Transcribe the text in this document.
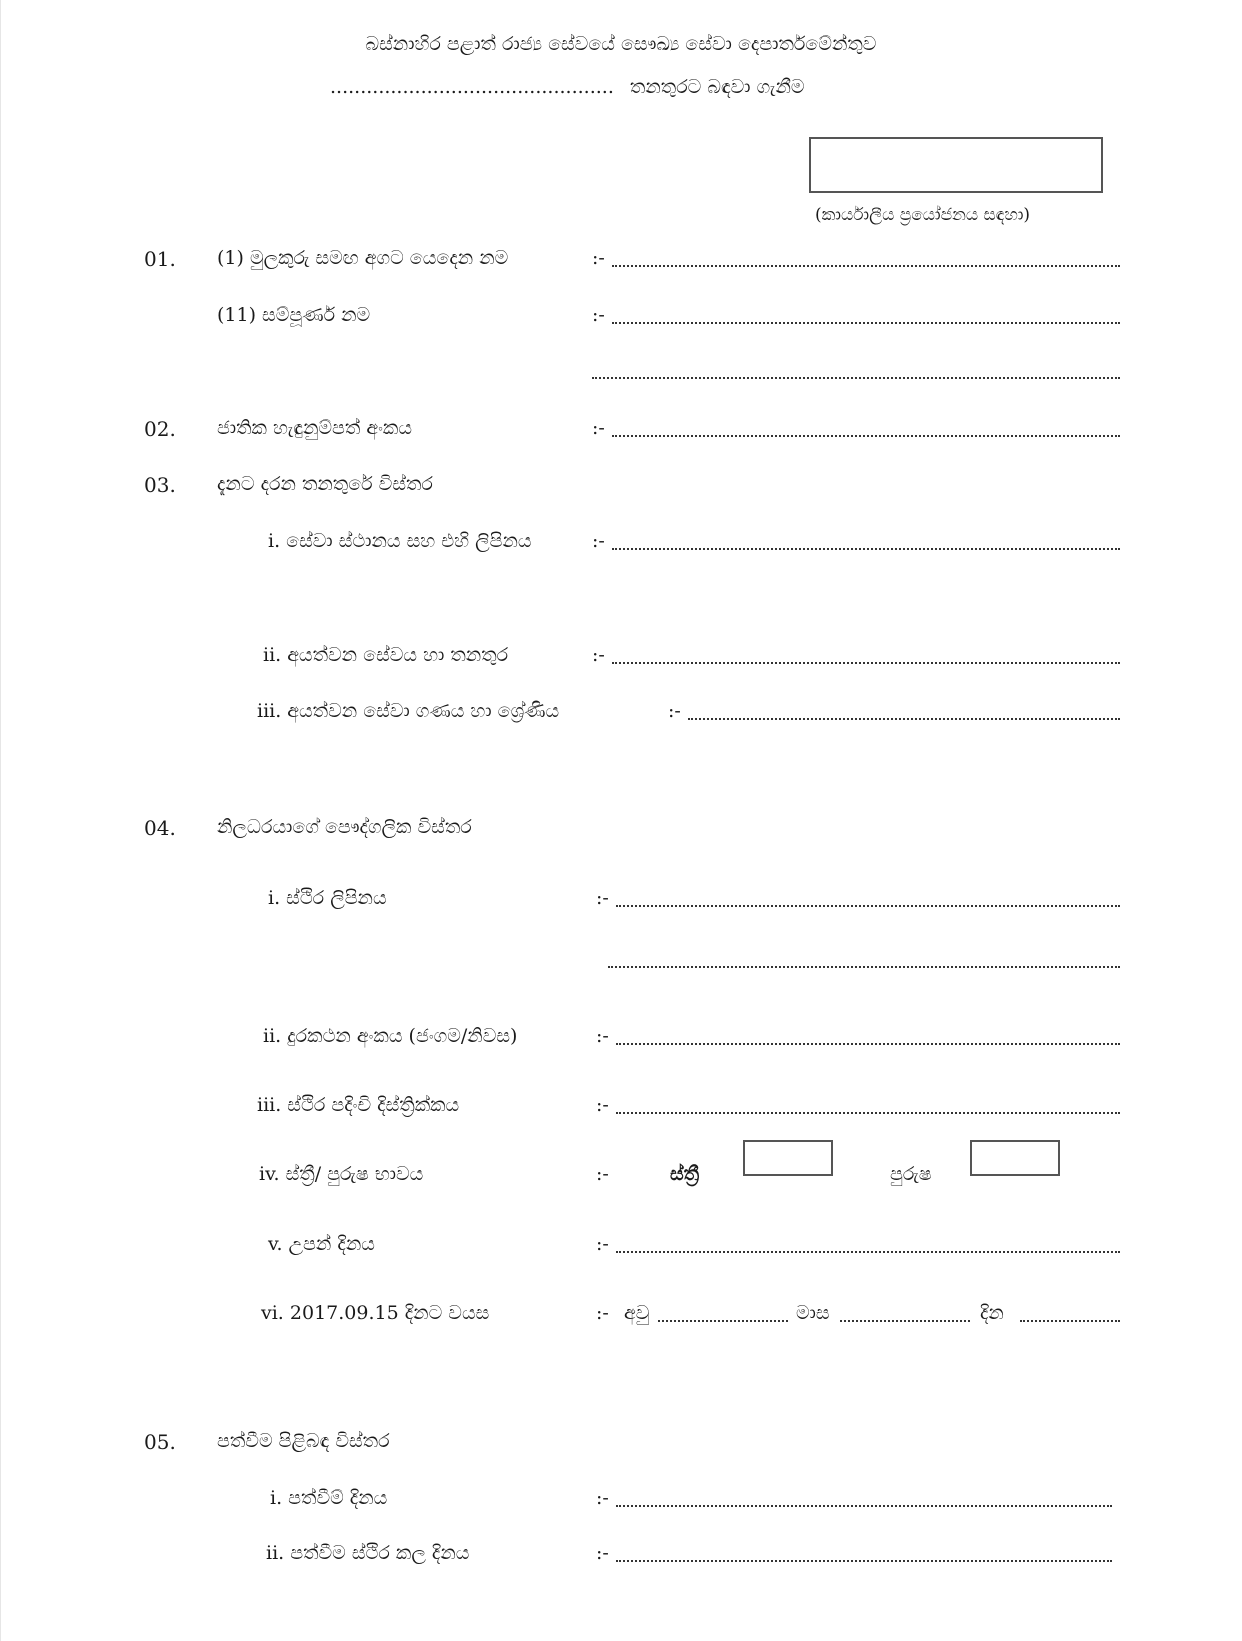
බස්නාහිර පළාත් රාජ්‍ය සේවයේ සෞඛ්‍ය සේවා දෙපාර්තමේන්තුව
............................................... තනතුරට බඳවා ගැනීම
(කාර්යාලීය ප්‍රයෝජනය සඳහා)
01. (1) මුලකුරු සමඟ අගට යෙදෙන නම	:-
(11) සම්පූර්ණ නම	:-
02. ජාතික හැඳුනුම්පත් අංකය	:-
03. දැනට දරන තනතුරේ විස්තර
i. සේවා ස්ථානය සහ එහි ලිපිනය	:-
ii. අයත්වන සේවය හා තනතුර	:-
iii. අයත්වන සේවා ගණය හා ශ්‍රේණිය	:-
04. නිලධරයාගේ පෞද්ගලික විස්තර
i. ස්ථිර ලිපිනය	:-
ii. දුරකථන අංකය (ජංගම/නිවස)	:-
iii. ස්ථිර පදිංචි දිස්ත්‍රික්කය	:-
iv. ස්ත්‍රී/ පුරුෂ භාවය	:-	ස්ත්‍රී	පුරුෂ
v. උපන් දිනය	:-
vi. 2017.09.15 දිනට වයස	:- අවු	මාස	දින
05. පත්වීම පිළිබඳ විස්තර
i. පත්වීම් දිනය	:-
ii. පත්වීම ස්ථිර කල දිනය	:-
